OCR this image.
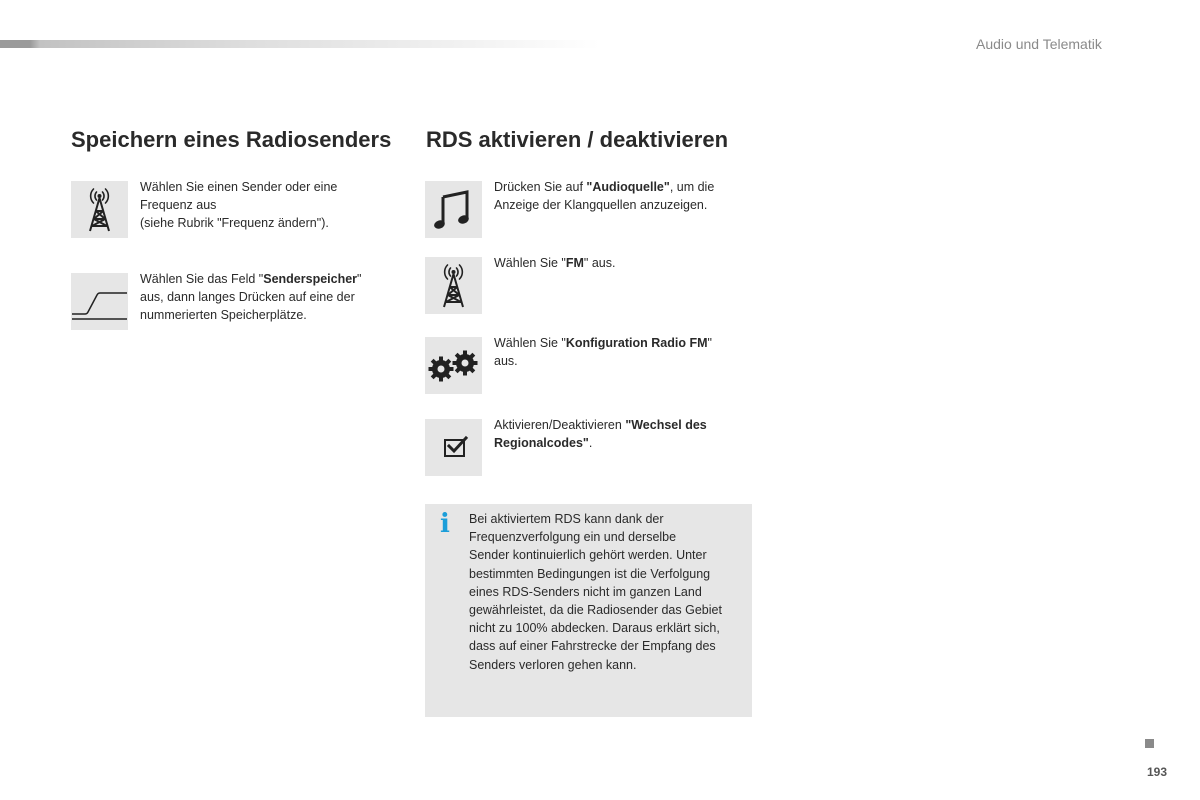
Audio und Telematik
Speichern eines Radiosenders
Wählen Sie einen Sender oder eine
Frequenz aus
(siehe Rubrik "Frequenz ändern").
Wählen Sie das Feld "Senderspeicher"
aus, dann langes Drücken auf eine der
nummerierten Speicherplätze.
RDS aktivieren / deaktivieren
Drücken Sie auf "Audioquelle", um die
Anzeige der Klangquellen anzuzeigen.
Wählen Sie "FM" aus.
Wählen Sie "Konfiguration Radio FM"
aus.
Aktivieren/Deaktivieren "Wechsel des
Regionalcodes".
i Bei aktiviertem RDS kann dank der
Frequenzverfolgung ein und derselbe
Sender kontinuierlich gehört werden. Unter
bestimmten Bedingungen ist die Verfolgung
eines RDS-Senders nicht im ganzen Land
gewährleistet, da die Radiosender das Gebiet
nicht zu 100% abdecken. Daraus erklärt sich,
dass auf einer Fahrstrecke der Empfang des
Senders verloren gehen kann.
193
